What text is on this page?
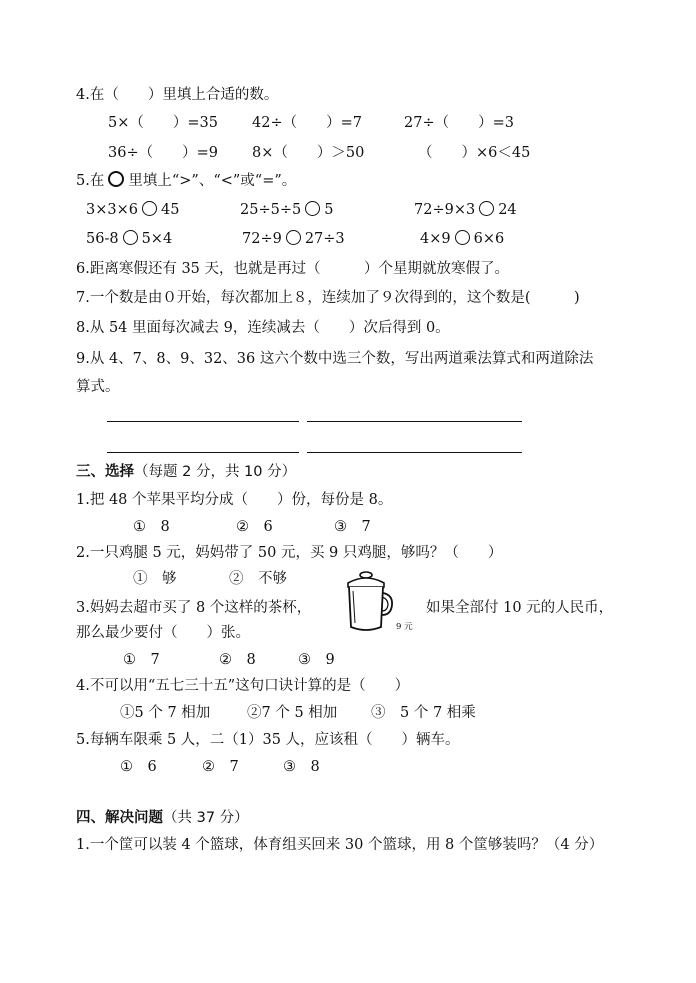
4.在（　　）里填上合适的数。
5×（　　）=35 42÷（　　）=7	27÷（　　）=3
36÷（　　）=9 8×（　　）＞50	（　　）×6＜45
5.在 里填上“>”、“<”或“=”。
3×3×6 45	25÷5÷5 5	72÷9×3 24
56-8 5×4	72÷9 27÷3	4×9 6×6
6.距离寒假还有 35 天，也就是再过（　　　）个星期就放寒假了。
7.一个数是由０开始，每次都加上８，连续加了９次得到的，这个数是(　　　)
8.从 54 里面每次减去 9，连续减去（　　）次后得到 0。
9.从 4、7、8、9、32、36 这六个数中选三个数，写出两道乘法算式和两道除法
算式。
三、选择（每题 2 分，共 10 分）
1.把 48 个苹果平均分成（　　）份，每份是 8。
①　8	②　6	③　7
2.一只鸡腿 5 元，妈妈带了 50 元，买 9 只鸡腿，够吗？（　　）
①　够	②　不够
3.妈妈去超市买了 8 个这样的茶杯，
9 元
如果全部付 10 元的人民币，
那么最少要付（　　）张。
①　7	②　8	③　9
4.不可以用“五七三十五”这句口诀计算的是（　　）
①5 个 7 相加	②7 个 5 相加 ③　5 个 7 相乘
5.每辆车限乘 5 人，二（1）35 人，应该租（　　）辆车。
①　6	②　7	③　8
四、解决问题（共 37 分）
1.一个筐可以装 4 个篮球，体育组买回来 30 个篮球，用 8 个筐够装吗？（4 分）
